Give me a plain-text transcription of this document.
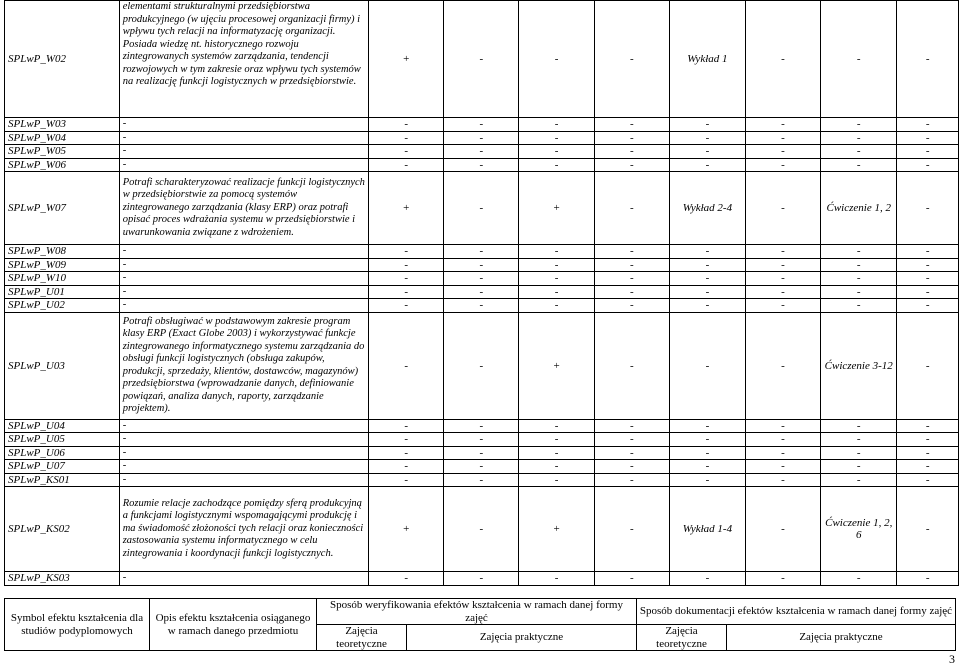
SPLwP_W02	elementami strukturalnymi przedsiębiorstwa produkcyjnego (w ujęciu procesowej organizacji firmy) i wpływu tych relacji na informatyzację organizacji.
Posiada wiedzę nt. historycznego rozwoju zintegrowanych systemów zarządzania, tendencji rozwojowych w tym zakresie oraz wpływu tych systemów na realizację funkcji logistycznych w przedsiębiorstwie.	+	-	-	-	Wykład 1	-	-	-
SPLwP_W03	-	-	-	-	-	-	-	-	-
SPLwP_W04	-	-	-	-	-	-	-	-	-
SPLwP_W05	-	-	-	-	-	-	-	-	-
SPLwP_W06	-	-	-	-	-	-	-	-	-
SPLwP_W07	Potrafi scharakteryzować realizacje funkcji logistycznych w przedsiębiorstwie za pomocą systemów zintegrowanego zarządzania (klasy ERP) oraz potrafi opisać proces wdrażania systemu w przedsiębiorstwie i uwarunkowania związane z wdrożeniem.	+	-	+	-	Wykład 2-4	-	Ćwiczenie 1, 2	-
SPLwP_W08	-	-	-	-	-	-	-	-	-
SPLwP_W09	-	-	-	-	-	-	-	-	-
SPLwP_W10	-	-	-	-	-	-	-	-	-
SPLwP_U01	-	-	-	-	-	-	-	-	-
SPLwP_U02	-	-	-	-	-	-	-	-	-
SPLwP_U03	Potrafi obsługiwać w podstawowym zakresie program klasy ERP (Exact Globe 2003) i wykorzystywać funkcje zintegrowanego informatycznego systemu zarządzania do obsługi funkcji logistycznych (obsługa zakupów, produkcji, sprzedaży, klientów, dostawców, magazynów) przedsiębiorstwa (wprowadzanie danych, definiowanie powiązań, analiza danych, raporty, zarządzanie projektem).	-	-	+	-	-	-	Ćwiczenie 3-12	-
SPLwP_U04	-	-	-	-	-	-	-	-	-
SPLwP_U05	-	-	-	-	-	-	-	-	-
SPLwP_U06	-	-	-	-	-	-	-	-	-
SPLwP_U07	-	-	-	-	-	-	-	-	-
SPLwP_KS01	-	-	-	-	-	-	-	-	-
SPLwP_KS02	Rozumie relacje zachodzące pomiędzy sferą produkcyjną a funkcjami logistycznymi wspomagającymi produkcję i ma świadomość złożoności tych relacji oraz konieczności zastosowania systemu informatycznego w celu zintegrowania i koordynacji funkcji logistycznych.	+	-	+	-	Wykład 1-4	-	Ćwiczenie 1, 2, 6	-
SPLwP_KS03	-	-	-	-	-	-	-	-	-
Symbol efektu kształcenia dla studiów podyplomowych	Opis efektu kształcenia osiąganego w ramach danego przedmiotu	Sposób weryfikowania efektów kształcenia w ramach danej formy zajęć		Sposób dokumentacji efektów kształcenia w ramach danej formy zajęć	
		Zajęcia teoretyczne	Zajęcia praktyczne	Zajęcia teoretyczne	Zajęcia praktyczne
3
